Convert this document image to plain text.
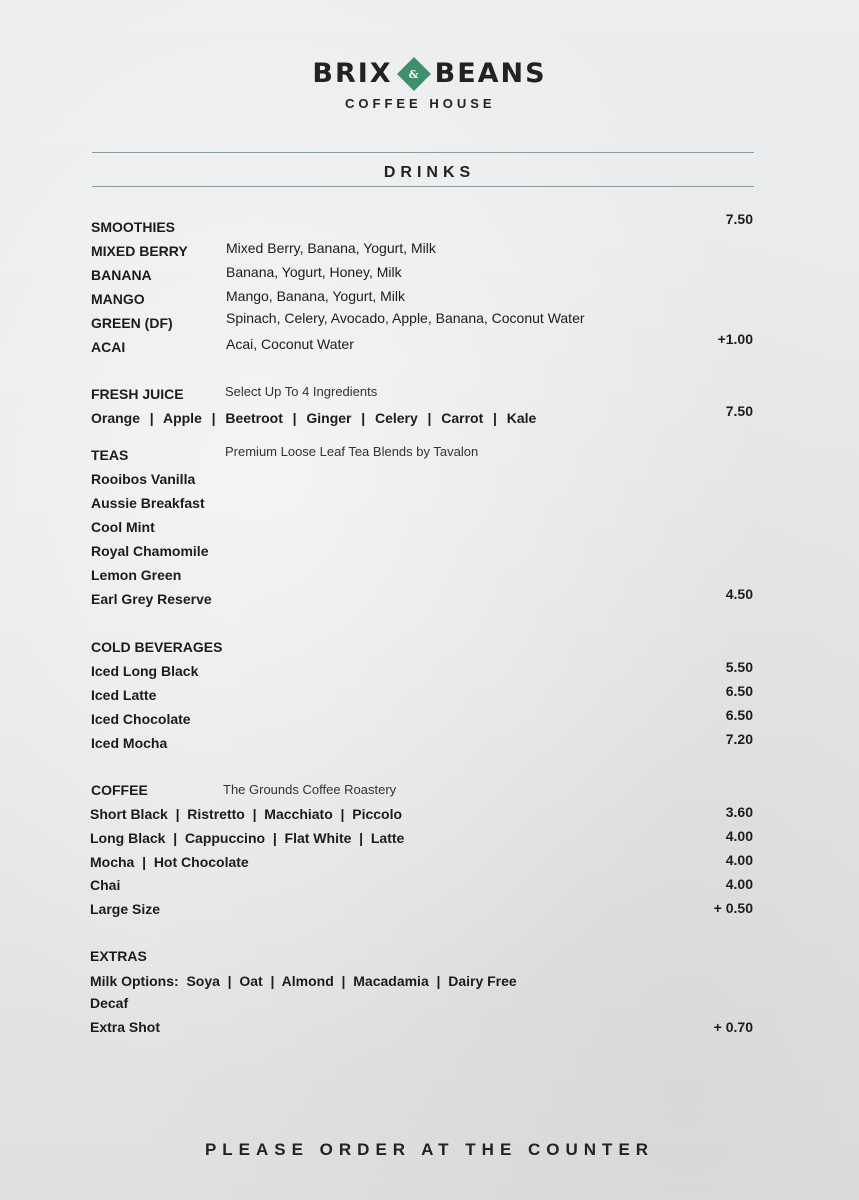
BRIX & BEANS
COFFEE HOUSE
DRINKS
SMOOTHIES	7.50
MIXED BERRY	Mixed Berry, Banana, Yogurt, Milk
BANANA	Banana, Yogurt, Honey, Milk
MANGO	Mango, Banana, Yogurt, Milk
GREEN (DF)	Spinach, Celery, Avocado, Apple, Banana, Coconut Water
ACAI	Acai, Coconut Water	+1.00
FRESH JUICE	Select Up To 4 Ingredients
Orange  |  Apple  |  Beetroot  |  Ginger  |  Celery  |  Carrot  |  Kale	7.50
TEAS	Premium Loose Leaf Tea Blends by Tavalon
Rooibos Vanilla
Aussie Breakfast
Cool Mint
Royal Chamomile
Lemon Green
Earl Grey Reserve	4.50
COLD BEVERAGES
Iced Long Black	5.50
Iced Latte	6.50
Iced Chocolate	6.50
Iced Mocha	7.20
COFFEE	The Grounds Coffee Roastery
Short Black  |  Ristretto  |  Macchiato  |  Piccolo	3.60
Long Black  |  Cappuccino  |  Flat White  |  Latte	4.00
Mocha  |  Hot Chocolate	4.00
Chai	4.00
Large Size	+ 0.50
EXTRAS
Milk Options:  Soya  |  Oat  |  Almond  |  Macadamia  |  Dairy Free
Decaf
Extra Shot	+ 0.70
PLEASE ORDER AT THE COUNTER
